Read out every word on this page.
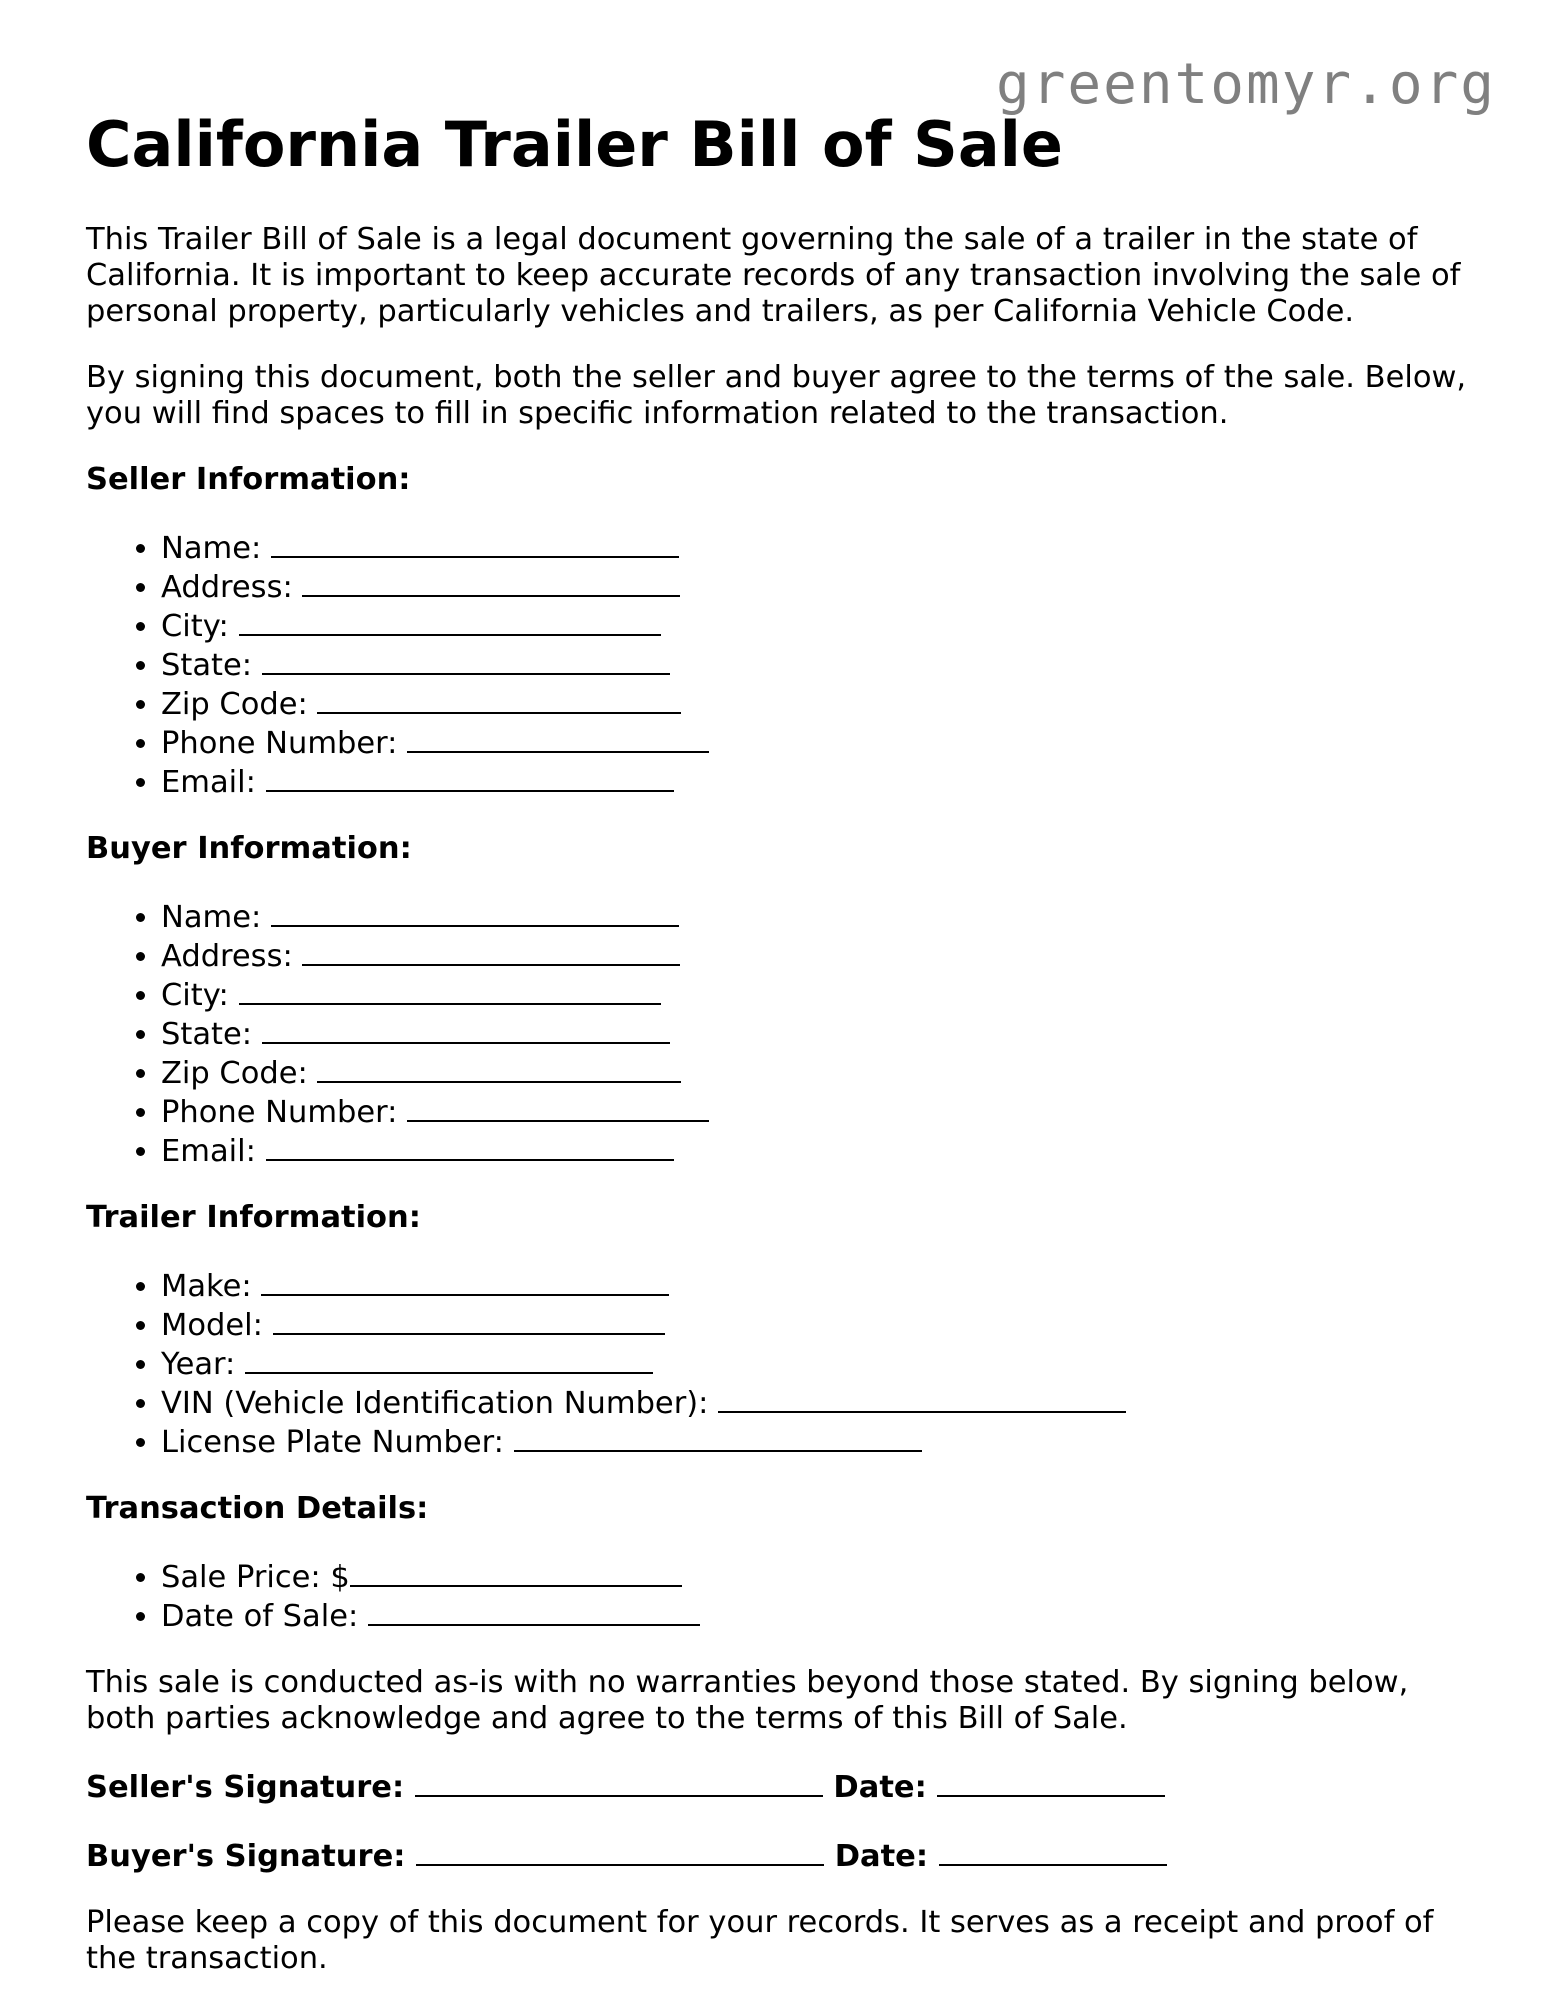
greentomyr.org
California Trailer Bill of Sale

This Trailer Bill of Sale is a legal document governing the sale of a trailer in the state of California. It is important to keep accurate records of any transaction involving the sale of personal property, particularly vehicles and trailers, as per California Vehicle Code.

By signing this document, both the seller and buyer agree to the terms of the sale. Below, you will find spaces to fill in specific information related to the transaction.

Seller Information:
• Name:
• Address:
• City:
• State:
• Zip Code:
• Phone Number:
• Email:
Buyer Information:
• Name:
• Address:
• City:
• State:
• Zip Code:
• Phone Number:
• Email:
Trailer Information:
• Make:
• Model:
• Year:
• VIN (Vehicle Identification Number):
• License Plate Number:
Transaction Details:
• Sale Price: $
• Date of Sale:

This sale is conducted as-is with no warranties beyond those stated. By signing below, both parties acknowledge and agree to the terms of this Bill of Sale.

Seller's Signature:	Date:
Buyer's Signature:	Date:

Please keep a copy of this document for your records. It serves as a receipt and proof of the transaction.
